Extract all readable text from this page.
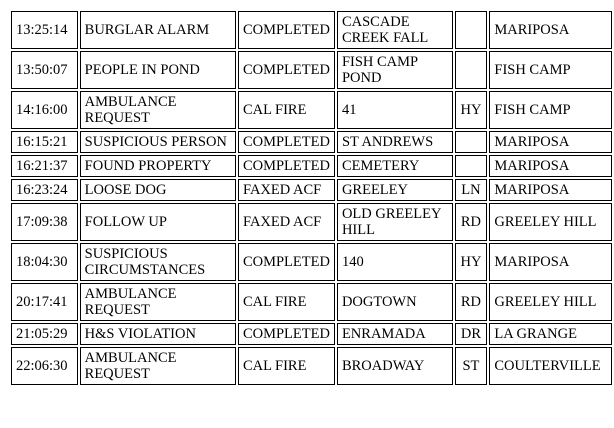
13:25:14	BURGLAR ALARM	COMPLETED	CASCADE CREEK FALL		MARIPOSA
13:50:07	PEOPLE IN POND	COMPLETED	FISH CAMP POND		FISH CAMP
14:16:00	AMBULANCE REQUEST	CAL FIRE	41	HY	FISH CAMP
16:15:21	SUSPICIOUS PERSON	COMPLETED	ST ANDREWS		MARIPOSA
16:21:37	FOUND PROPERTY	COMPLETED	CEMETERY		MARIPOSA
16:23:24	LOOSE DOG	FAXED ACF	GREELEY	LN	MARIPOSA
17:09:38	FOLLOW UP	FAXED ACF	OLD GREELEY HILL	RD	GREELEY HILL
18:04:30	SUSPICIOUS CIRCUMSTANCES	COMPLETED	140	HY	MARIPOSA
20:17:41	AMBULANCE REQUEST	CAL FIRE	DOGTOWN	RD	GREELEY HILL
21:05:29	H&S VIOLATION	COMPLETED	ENRAMADA	DR	LA GRANGE
22:06:30	AMBULANCE REQUEST	CAL FIRE	BROADWAY	ST	COULTERVILLE
